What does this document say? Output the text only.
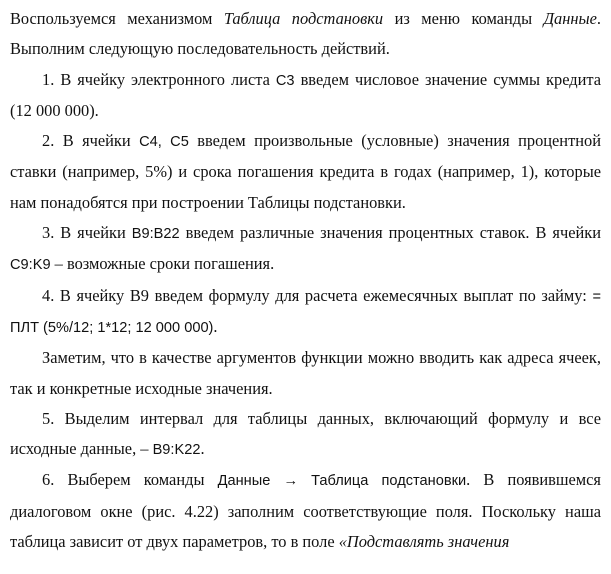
Воспользуемся механизмом Таблица подстановки из меню команды Данные. Выполним следующую последовательность действий.

1. В ячейку электронного листа C3 введем числовое значение суммы кредита (12 000 000).

2. В ячейки C4, C5 введем произвольные (условные) значения процентной ставки (например, 5%) и срока погашения кредита в годах (например, 1), которые нам понадобятся при построении Таблицы подстановки.

3. В ячейки B9:B22 введем различные значения процентных ставок. В ячейки C9:K9 – возможные сроки погашения.

4. В ячейку B9 введем формулу для расчета ежемесячных выплат по займу: = ПЛТ (5%/12; 1*12; 12 000 000).

Заметим, что в качестве аргументов функции можно вводить как адреса ячеек, так и конкретные исходные значения.

5. Выделим интервал для таблицы данных, включающий формулу и все исходные данные, – B9:K22.

6. Выберем команды Данные → Таблица подстановки. В появившемся диалоговом окне (рис. 4.22) заполним соответствующие поля. Поскольку наша таблица зависит от двух параметров, то в поле «Подставлять значения
